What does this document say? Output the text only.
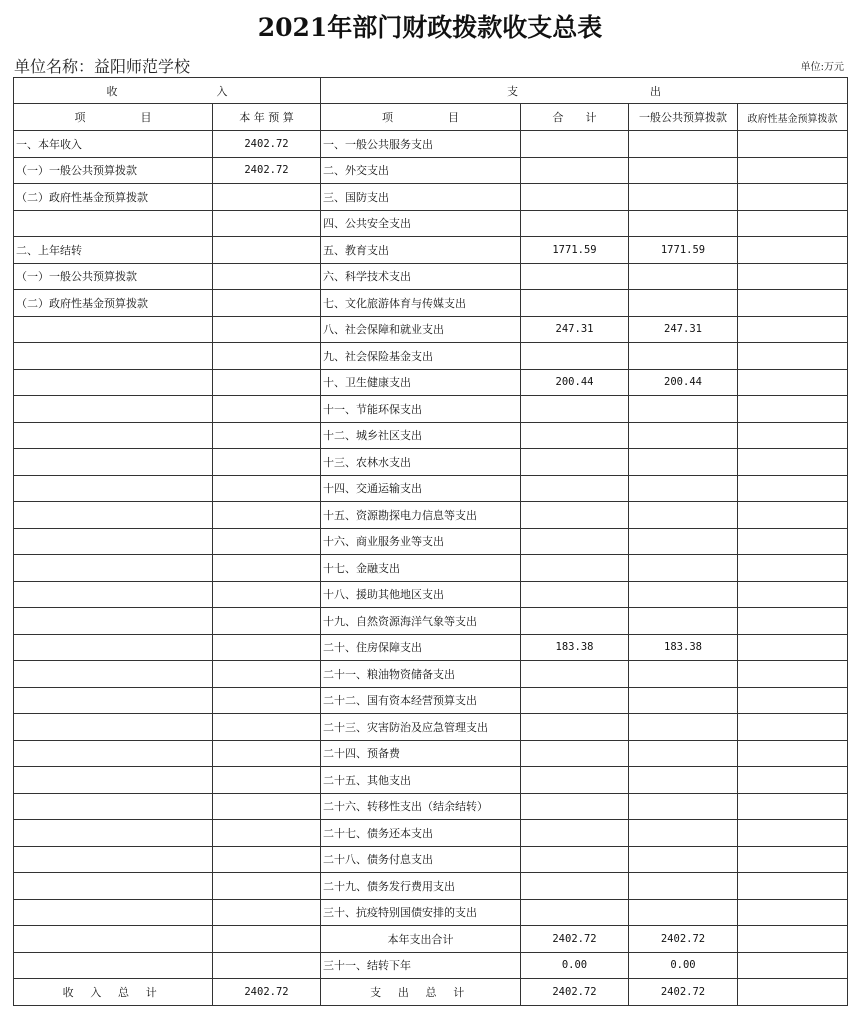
2021年部门财政拨款收支总表
单位名称：益阳师范学校	单位:万元
收　　　　　　　　　入		支　　　　　　　　　　　　出			
项　　　　　目	本 年 预 算	项　　　　　目	合　　计	一般公共预算拨款	政府性基金预算拨款
一、本年收入	2402.72	一、一般公共服务支出			
（一）一般公共预算拨款	2402.72	二、外交支出			
（二）政府性基金预算拨款		三、国防支出			
		四、公共安全支出			
二、上年结转		五、教育支出	1771.59	1771.59	
（一）一般公共预算拨款		六、科学技术支出			
（二）政府性基金预算拨款		七、文化旅游体育与传媒支出			
		八、社会保障和就业支出	247.31	247.31	
		九、社会保险基金支出			
		十、卫生健康支出	200.44	200.44	
		十一、节能环保支出			
		十二、城乡社区支出			
		十三、农林水支出			
		十四、交通运输支出			
		十五、资源勘探电力信息等支出			
		十六、商业服务业等支出			
		十七、金融支出			
		十八、援助其他地区支出			
		十九、自然资源海洋气象等支出			
		二十、住房保障支出	183.38	183.38	
		二十一、粮油物资储备支出			
		二十二、国有资本经营预算支出			
		二十三、灾害防治及应急管理支出			
		二十四、预备费			
		二十五、其他支出			
		二十六、转移性支出（结余结转）			
		二十七、债务还本支出			
		二十八、债务付息支出			
		二十九、债务发行费用支出			
		三十、抗疫特别国债安排的支出			
		本年支出合计	2402.72	2402.72	
		三十一、结转下年	0.00	0.00	
收 入 总 计	2402.72	支 出 总 计	2402.72	2402.72	
